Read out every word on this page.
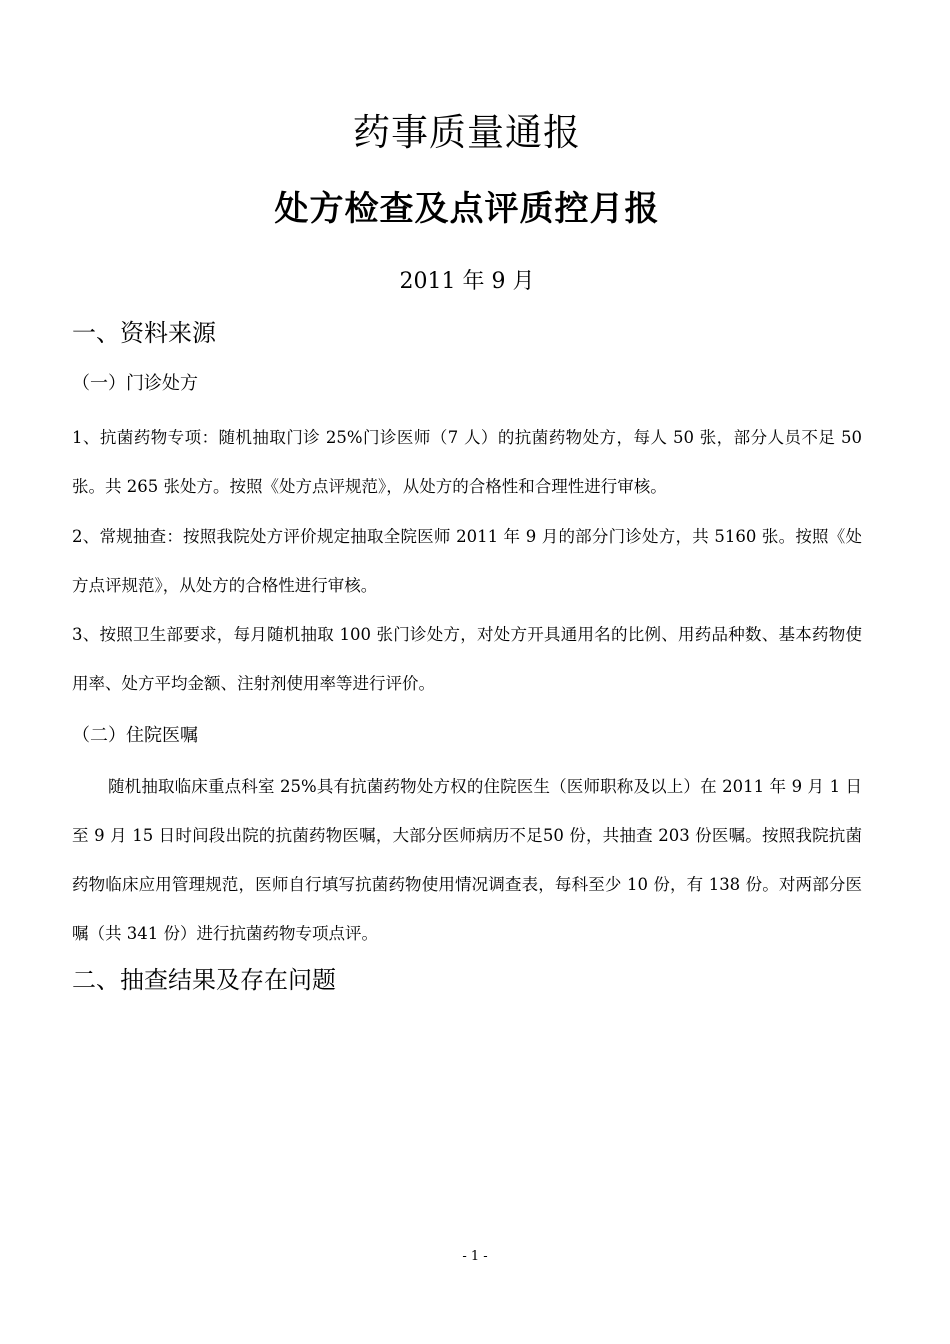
药事质量通报
处方检查及点评质控月报
2011 年 9 月
一、资料来源
（一）门诊处方
1、抗菌药物专项：随机抽取门诊 25%门诊医师（7 人）的抗菌药物处方，每人 50 张，部分人员不足 50 张。共 265 张处方。按照《处方点评规范》，从处方的合格性和合理性进行审核。
2、常规抽查：按照我院处方评价规定抽取全院医师 2011 年 9 月的部分门诊处方，共 5160 张。按照《处方点评规范》，从处方的合格性进行审核。
3、按照卫生部要求，每月随机抽取 100 张门诊处方，对处方开具通用名的比例、用药品种数、基本药物使用率、处方平均金额、注射剂使用率等进行评价。
（二）住院医嘱
随机抽取临床重点科室 25%具有抗菌药物处方权的住院医生（医师职称及以上）在 2011 年 9 月 1 日至 9 月 15 日时间段出院的抗菌药物医嘱，大部分医师病历不足50 份，共抽查 203 份医嘱。按照我院抗菌药物临床应用管理规范，医师自行填写抗菌药物使用情况调查表，每科至少 10 份，有 138 份。对两部分医嘱（共 341 份）进行抗菌药物专项点评。
二、抽查结果及存在问题
- 1 -
